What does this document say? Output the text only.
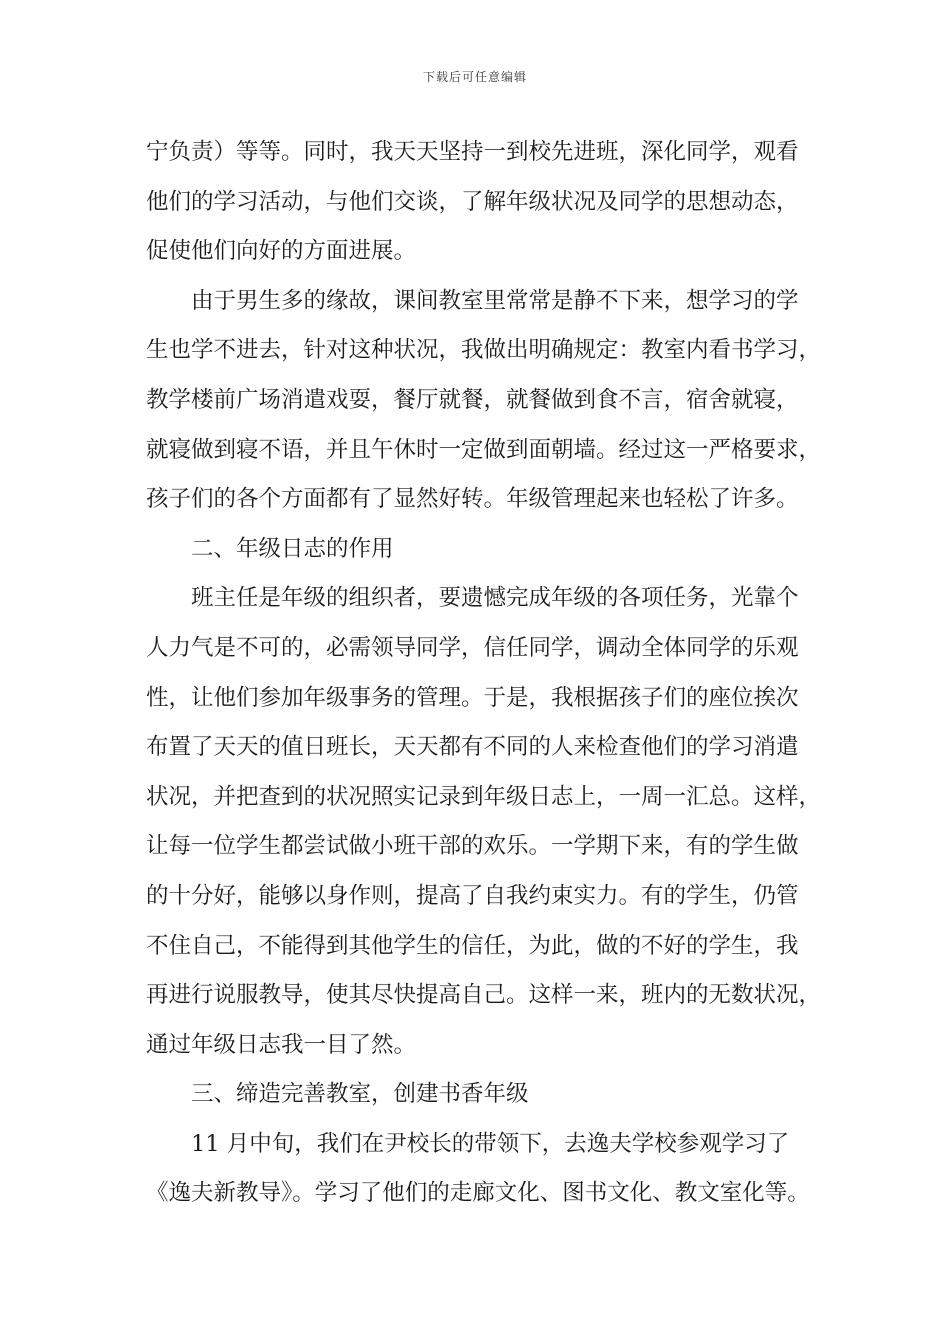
下载后可任意编辑
宁负责）等等。同时，我天天坚持一到校先进班，深化同学，观看
他们的学习活动，与他们交谈，了解年级状况及同学的思想动态，
促使他们向好的方面进展。
由于男生多的缘故，课间教室里常常是静不下来，想学习的学
生也学不进去，针对这种状况，我做出明确规定：教室内看书学习，
教学楼前广场消遣戏耍，餐厅就餐，就餐做到食不言，宿舍就寝，
就寝做到寝不语，并且午休时一定做到面朝墙。经过这一严格要求，
孩子们的各个方面都有了显然好转。年级管理起来也轻松了许多。
二、年级日志的作用
班主任是年级的组织者，要遗憾完成年级的各项任务，光靠个
人力气是不可的，必需领导同学，信任同学，调动全体同学的乐观
性，让他们参加年级事务的管理。于是，我根据孩子们的座位挨次
布置了天天的值日班长，天天都有不同的人来检查他们的学习消遣
状况，并把查到的状况照实记录到年级日志上，一周一汇总。这样，
让每一位学生都尝试做小班干部的欢乐。一学期下来，有的学生做
的十分好，能够以身作则，提高了自我约束实力。有的学生，仍管
不住自己，不能得到其他学生的信任，为此，做的不好的学生，我
再进行说服教导，使其尽快提高自己。这样一来，班内的无数状况，
通过年级日志我一目了然。
三、缔造完善教室，创建书香年级
11 月中旬，我们在尹校长的带领下，去逸夫学校参观学习了
《逸夫新教导》。学习了他们的走廊文化、图书文化、教文室化等。
